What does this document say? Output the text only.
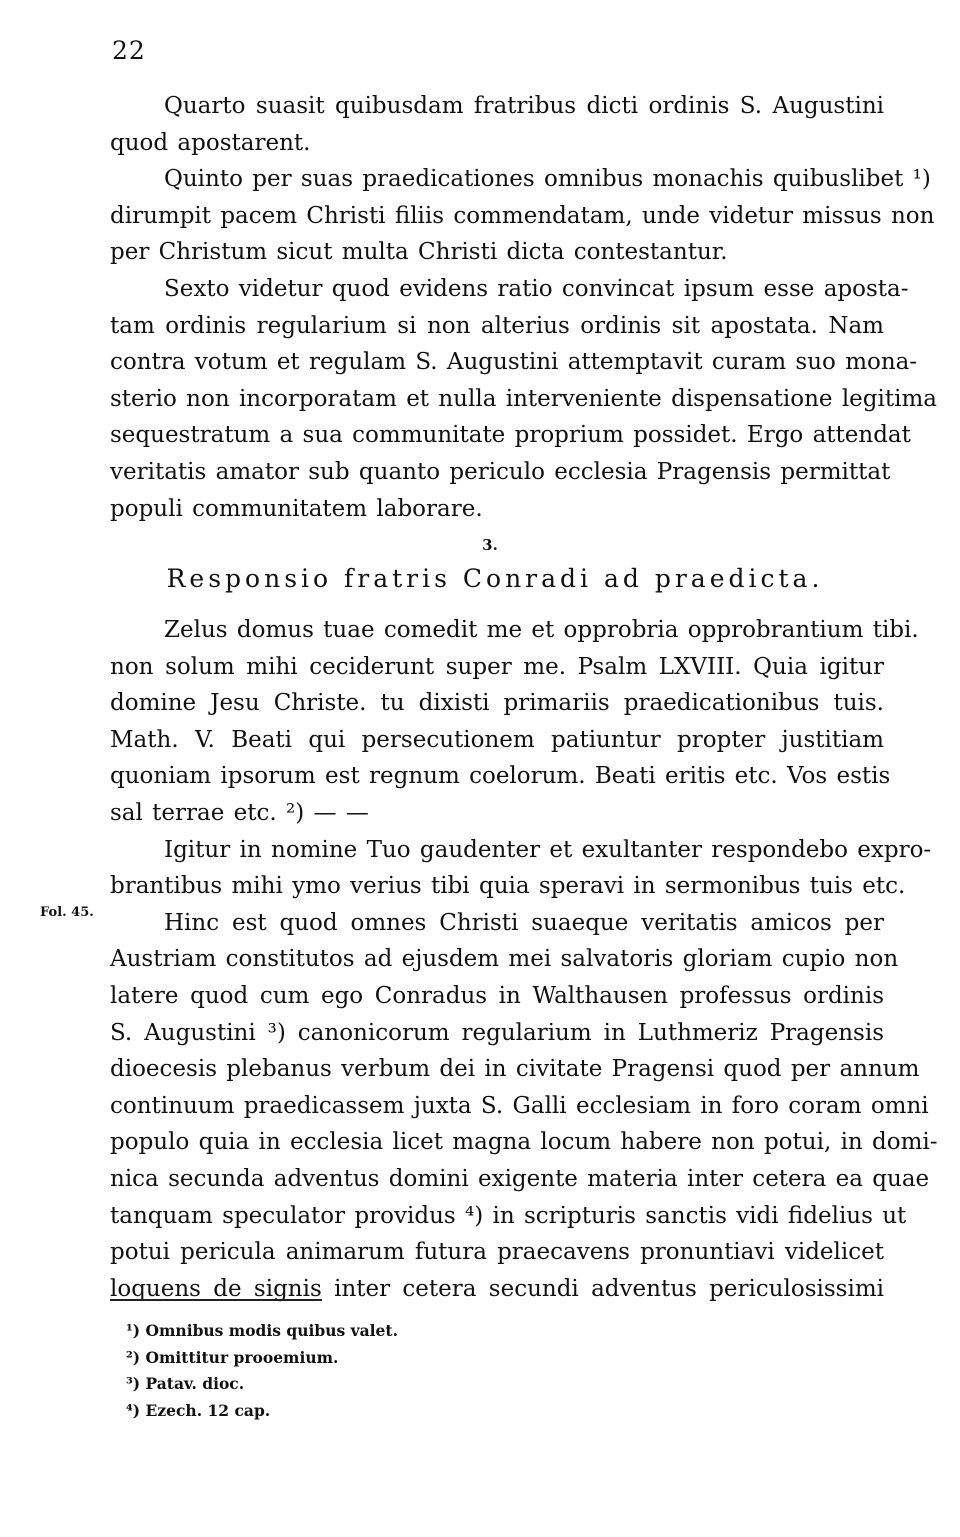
22
Fol. 45.

Quarto suasit quibusdam fratribus dicti ordinis S. Augustini

quod apostarent.

Quinto per suas praedicationes omnibus monachis quibuslibet ¹)

dirumpit pacem Christi filiis commendatam, unde videtur missus non

per Christum sicut multa Christi dicta contestantur.

Sexto videtur quod evidens ratio convincat ipsum esse aposta-

tam ordinis regularium si non alterius ordinis sit apostata. Nam

contra votum et regulam S. Augustini attemptavit curam suo mona-

sterio non incorporatam et nulla interveniente dispensatione legitima

sequestratum a sua communitate proprium possidet. Ergo attendat

veritatis amator sub quanto periculo ecclesia Pragensis permittat

populi communitatem laborare.

3.
Responsio fratris Conradi ad praedicta.

Zelus domus tuae comedit me et opprobria opprobrantium tibi.

non solum mihi ceciderunt super me. Psalm LXVIII. Quia igitur

domine Jesu Christe. tu dixisti primariis praedicationibus tuis.

Math. V. Beati qui persecutionem patiuntur propter justitiam

quoniam ipsorum est regnum coelorum. Beati eritis etc. Vos estis

sal terrae etc. ²) — —

Igitur in nomine Tuo gaudenter et exultanter respondebo expro-

brantibus mihi ymo verius tibi quia speravi in sermonibus tuis etc.

Hinc est quod omnes Christi suaeque veritatis amicos per

Austriam constitutos ad ejusdem mei salvatoris gloriam cupio non

latere quod cum ego Conradus in Walthausen professus ordinis

S. Augustini ³) canonicorum regularium in Luthmeriz Pragensis

dioecesis plebanus verbum dei in civitate Pragensi quod per annum

continuum praedicassem juxta S. Galli ecclesiam in foro coram omni

populo quia in ecclesia licet magna locum habere non potui, in domi-

nica secunda adventus domini exigente materia inter cetera ea quae

tanquam speculator providus ⁴) in scripturis sanctis vidi fidelius ut

potui pericula animarum futura praecavens pronuntiavi videlicet

loquens de signis inter cetera secundi adventus periculosissimi

¹) Omnibus modis quibus valet.
²) Omittitur prooemium.
³) Patav. dioc.
⁴) Ezech. 12 cap.
